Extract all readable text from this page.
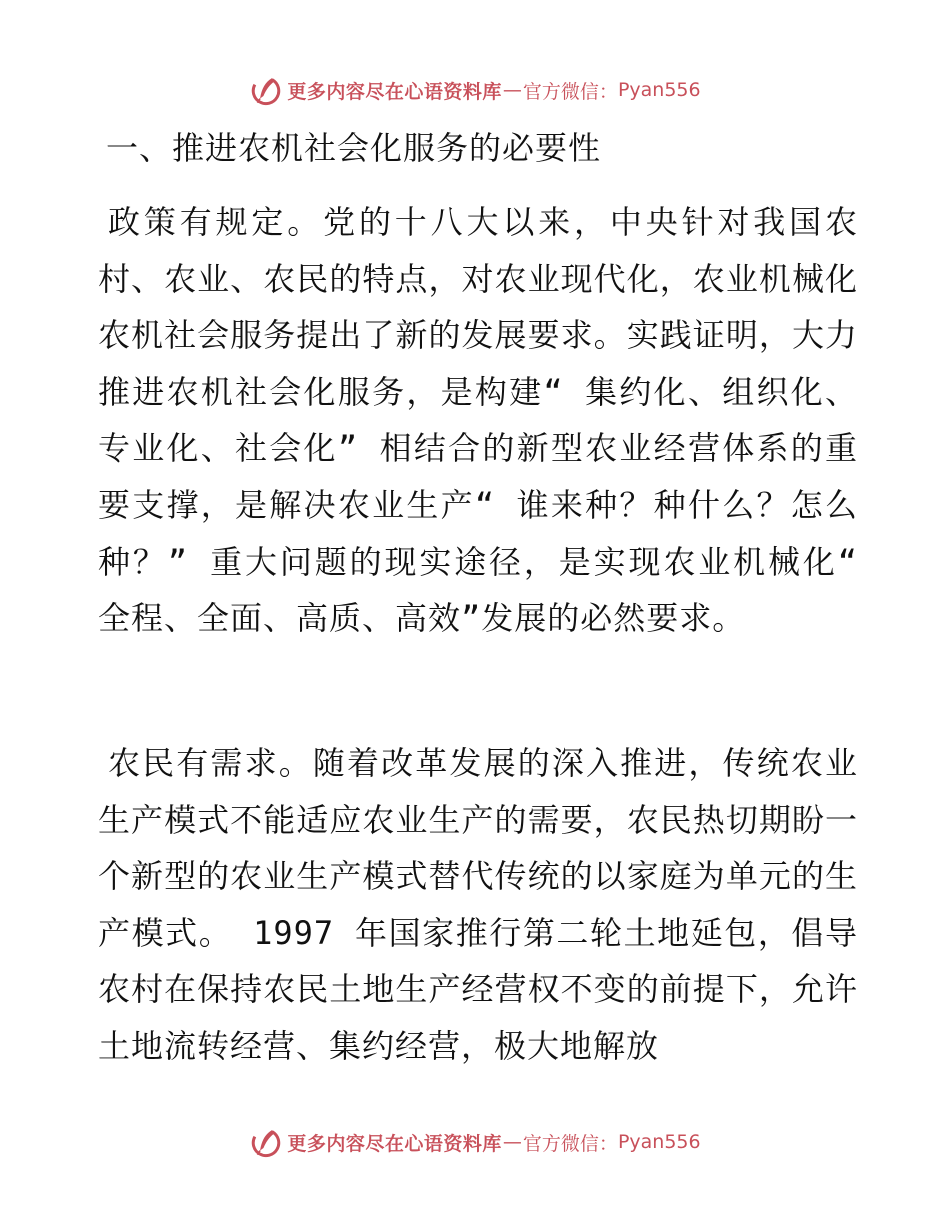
更多内容尽在心语资料库 — 官方微信： Pyan556
一、推进农机社会化服务的必要性

政策有规定。党的十八大以来，中央针对我国农村、农业、农民的特点，对农业现代化，农业机械化农机社会服务提出了新的发展要求。实践证明，大力推进农机社会化服务，是构建“ 集约化、组织化、专业化、社会化” 相结合的新型农业经营体系的重要支撑，是解决农业生产“ 谁来种？种什么？怎么种？” 重大问题的现实途径，是实现农业机械化“ 全程、全面、高质、高效”发展的必然要求。

农民有需求。随着改革发展的深入推进，传统农业生产模式不能适应农业生产的需要，农民热切期盼一个新型的农业生产模式替代传统的以家庭为单元的生产模式。 1997 年国家推行第二轮土地延包，倡导农村在保持农民土地生产经营权不变的前提下，允许土地流转经营、集约经营，极大地解放

更多内容尽在心语资料库 — 官方微信： Pyan556
